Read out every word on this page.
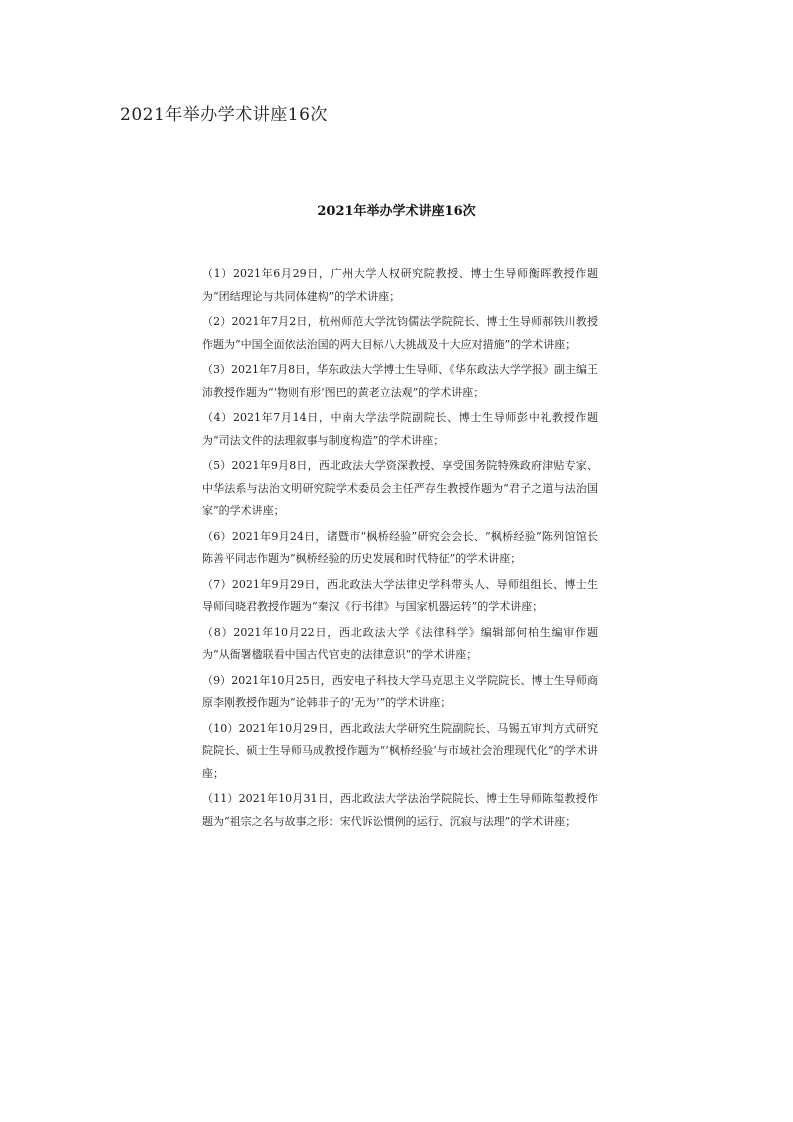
2021年举办学术讲座16次
2021年举办学术讲座16次
（1）2021年6月29日，广州大学人权研究院教授、博士生导师衡晖教授作题为“团结理论与共同体建构”的学术讲座；
（2）2021年7月2日，杭州师范大学沈钧儒法学院院长、博士生导师郝铁川教授作题为“中国全面依法治国的两大目标八大挑战及十大应对措施”的学术讲座；
（3）2021年7月8日，华东政法大学博士生导师、《华东政法大学学报》副主编王沛教授作题为“‘物则有形’图巴的黄老立法观”的学术讲座；
（4）2021年7月14日，中南大学法学院副院长、博士生导师彭中礼教授作题为“司法文件的法理叙事与制度构造”的学术讲座；
（5）2021年9月8日，西北政法大学资深教授、享受国务院特殊政府津贴专家、中华法系与法治文明研究院学术委员会主任严存生教授作题为“君子之道与法治国家”的学术讲座；
（6）2021年9月24日，诸暨市“枫桥经验”研究会会长、“枫桥经验”陈列馆馆长陈善平同志作题为“枫桥经验的历史发展和时代特征”的学术讲座；
（7）2021年9月29日，西北政法大学法律史学科带头人、导师组组长、博士生导师闫晓君教授作题为“秦汉《行书律》与国家机器运转”的学术讲座；
（8）2021年10月22日，西北政法大学《法律科学》编辑部何柏生编审作题为“从衙署楹联看中国古代官吏的法律意识”的学术讲座；
（9）2021年10月25日，西安电子科技大学马克思主义学院院长、博士生导师商原李刚教授作题为“论韩非子的‘无为’”的学术讲座；
（10）2021年10月29日，西北政法大学研究生院副院长、马锡五审判方式研究院院长、硕士生导师马成教授作题为“‘枫桥经验’与市域社会治理现代化”的学术讲座；
（11）2021年10月31日，西北政法大学法治学院院长、博士生导师陈玺教授作题为“祖宗之名与故事之形：宋代诉讼惯例的运行、沉寂与法理”的学术讲座；
